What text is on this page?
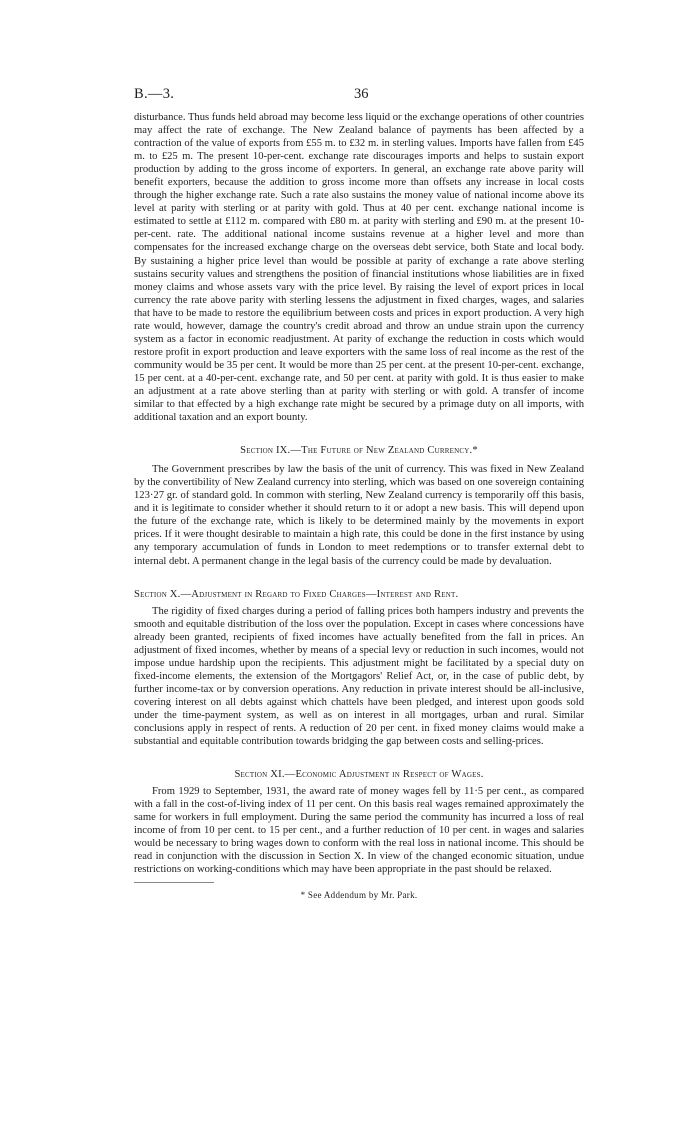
B.—3.	36

disturbance. Thus funds held abroad may become less liquid or the exchange operations of other countries may affect the rate of exchange. The New Zealand balance of payments has been affected by a contraction of the value of exports from £55 m. to £32 m. in sterling values. Imports have fallen from £45 m. to £25 m. The present 10-per-cent. exchange rate discourages imports and helps to sustain export production by adding to the gross income of exporters. In general, an exchange rate above parity will benefit exporters, because the addition to gross income more than offsets any increase in local costs through the higher exchange rate. Such a rate also sustains the money value of national income above its level at parity with sterling or at parity with gold. Thus at 40 per cent. exchange national income is estimated to settle at £112 m. compared with £80 m. at parity with sterling and £90 m. at the present 10-per-cent. rate. The additional national income sustains revenue at a higher level and more than compensates for the increased exchange charge on the overseas debt service, both State and local body. By sustaining a higher price level than would be possible at parity of exchange a rate above sterling sustains security values and strengthens the position of financial institutions whose liabilities are in fixed money claims and whose assets vary with the price level. By raising the level of export prices in local currency the rate above parity with sterling lessens the adjustment in fixed charges, wages, and salaries that have to be made to restore the equilibrium between costs and prices in export production. A very high rate would, however, damage the country's credit abroad and throw an undue strain upon the currency system as a factor in economic readjustment. At parity of exchange the reduction in costs which would restore profit in export production and leave exporters with the same loss of real income as the rest of the community would be 35 per cent. It would be more than 25 per cent. at the present 10-per-cent. exchange, 15 per cent. at a 40-per-cent. exchange rate, and 50 per cent. at parity with gold. It is thus easier to make an adjustment at a rate above sterling than at parity with sterling or with gold. A transfer of income similar to that effected by a high exchange rate might be secured by a primage duty on all imports, with additional taxation and an export bounty.

Section IX.—The Future of New Zealand Currency.*

The Government prescribes by law the basis of the unit of currency. This was fixed in New Zealand by the convertibility of New Zealand currency into sterling, which was based on one sovereign containing 123·27 gr. of standard gold. In common with sterling, New Zealand currency is temporarily off this basis, and it is legitimate to consider whether it should return to it or adopt a new basis. This will depend upon the future of the exchange rate, which is likely to be determined mainly by the movements in export prices. If it were thought desirable to maintain a high rate, this could be done in the first instance by using any temporary accumulation of funds in London to meet redemptions or to transfer external debt to internal debt. A permanent change in the legal basis of the currency could be made by devaluation.

Section X.—Adjustment in Regard to Fixed Charges—Interest and Rent.

The rigidity of fixed charges during a period of falling prices both hampers industry and prevents the smooth and equitable distribution of the loss over the population. Except in cases where concessions have already been granted, recipients of fixed incomes have actually benefited from the fall in prices. An adjustment of fixed incomes, whether by means of a special levy or reduction in such incomes, would not impose undue hardship upon the recipients. This adjustment might be facilitated by a special duty on fixed-income elements, the extension of the Mortgagors' Relief Act, or, in the case of public debt, by further income-tax or by conversion operations. Any reduction in private interest should be all-inclusive, covering interest on all debts against which chattels have been pledged, and interest upon goods sold under the time-payment system, as well as on interest in all mortgages, urban and rural. Similar conclusions apply in respect of rents. A reduction of 20 per cent. in fixed money claims would make a substantial and equitable contribution towards bridging the gap between costs and selling-prices.

Section XI.—Economic Adjustment in Respect of Wages.

From 1929 to September, 1931, the award rate of money wages fell by 11·5 per cent., as compared with a fall in the cost-of-living index of 11 per cent. On this basis real wages remained approximately the same for workers in full employment. During the same period the community has incurred a loss of real income of from 10 per cent. to 15 per cent., and a further reduction of 10 per cent. in wages and salaries would be necessary to bring wages down to conform with the real loss in national income. This should be read in conjunction with the discussion in Section X. In view of the changed economic situation, undue restrictions on working-conditions which may have been appropriate in the past should be relaxed.

* See Addendum by Mr. Park.
